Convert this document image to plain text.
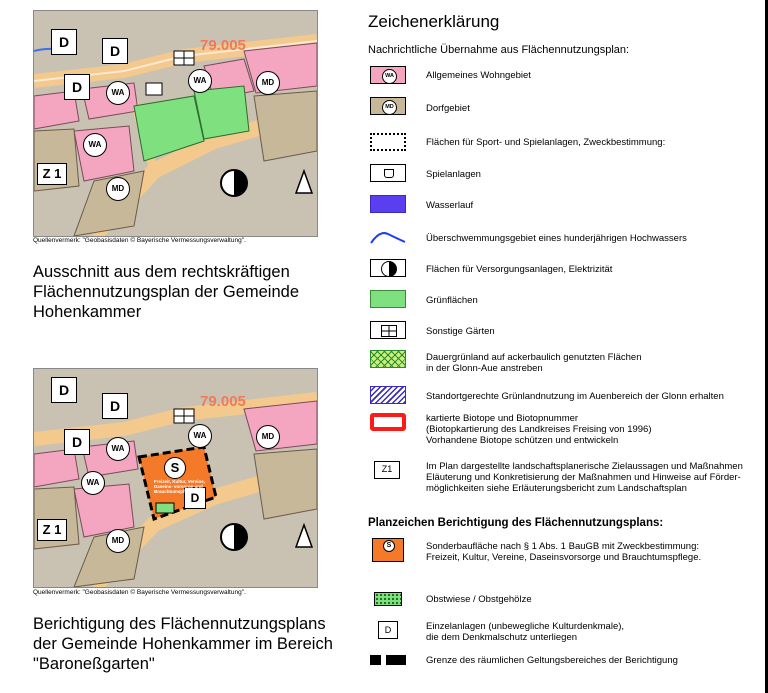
D
D
D	WA
WA	MD
WA
Z 1
MD
79.005
Quellenvermerk: "Geobasisdaten © Bayerische Vermessungsverwaltung".
Ausschnitt aus dem rechtskräftigen
Flächennutzungsplan der Gemeinde
Hohenkammer
D
D
D	WA
WA	MD
WA
Z 1
MD
D
S
Freizeit, Kultur, Vereine, Daseins- vorsorge und Brauchtumspflege
79.005
Quellenvermerk: "Geobasisdaten © Bayerische Vermessungsverwaltung".
Berichtigung des Flächennutzungsplans
der Gemeinde Hohenkammer im Bereich
"Baroneßgarten"
Zeichenerklärung
Nachrichtliche Übernahme aus Flächennutzungsplan:
WA	Allgemeines Wohngebiet
MD	Dorfgebiet
Flächen für Sport- und Spielanlagen, Zweckbestimmung:
Spielanlagen
Wasserlauf
Überschwemmungsgebiet eines hunderjährigen Hochwassers
Flächen für Versorgungsanlagen, Elektrizität
Grünflächen
Sonstige Gärten
Dauergrünland auf ackerbaulich genutzten Flächen
in der Glonn-Aue anstreben
Standortgerechte Grünlandnutzung im Auenbereich der Glonn erhalten
kartierte Biotope und Biotopnummer
(Biotopkartierung des Landkreises Freising von 1996)
Vorhandene Biotope schützen und entwickeln
Z1	Im Plan dargestellte landschaftsplanerische Zielaussagen und Maßnahmen
Eläuterung und Konkretisierung der Maßnahmen und Hinweise auf Förder-
möglichkeiten siehe Erläuterungsbericht zum Landschaftsplan
Planzeichen Berichtigung des Flächennutzungsplans:
S	Sonderbaufläche nach § 1 Abs. 1 BauGB mit Zweckbestimmung:
Freizeit, Kultur, Vereine, Daseinsvorsorge und Brauchtumspflege.
Obstwiese / Obstgehölze
D	Einzelanlagen (unbewegliche Kulturdenkmale),
die dem Denkmalschutz unterliegen
Grenze des räumlichen Geltungsbereiches der Berichtigung
